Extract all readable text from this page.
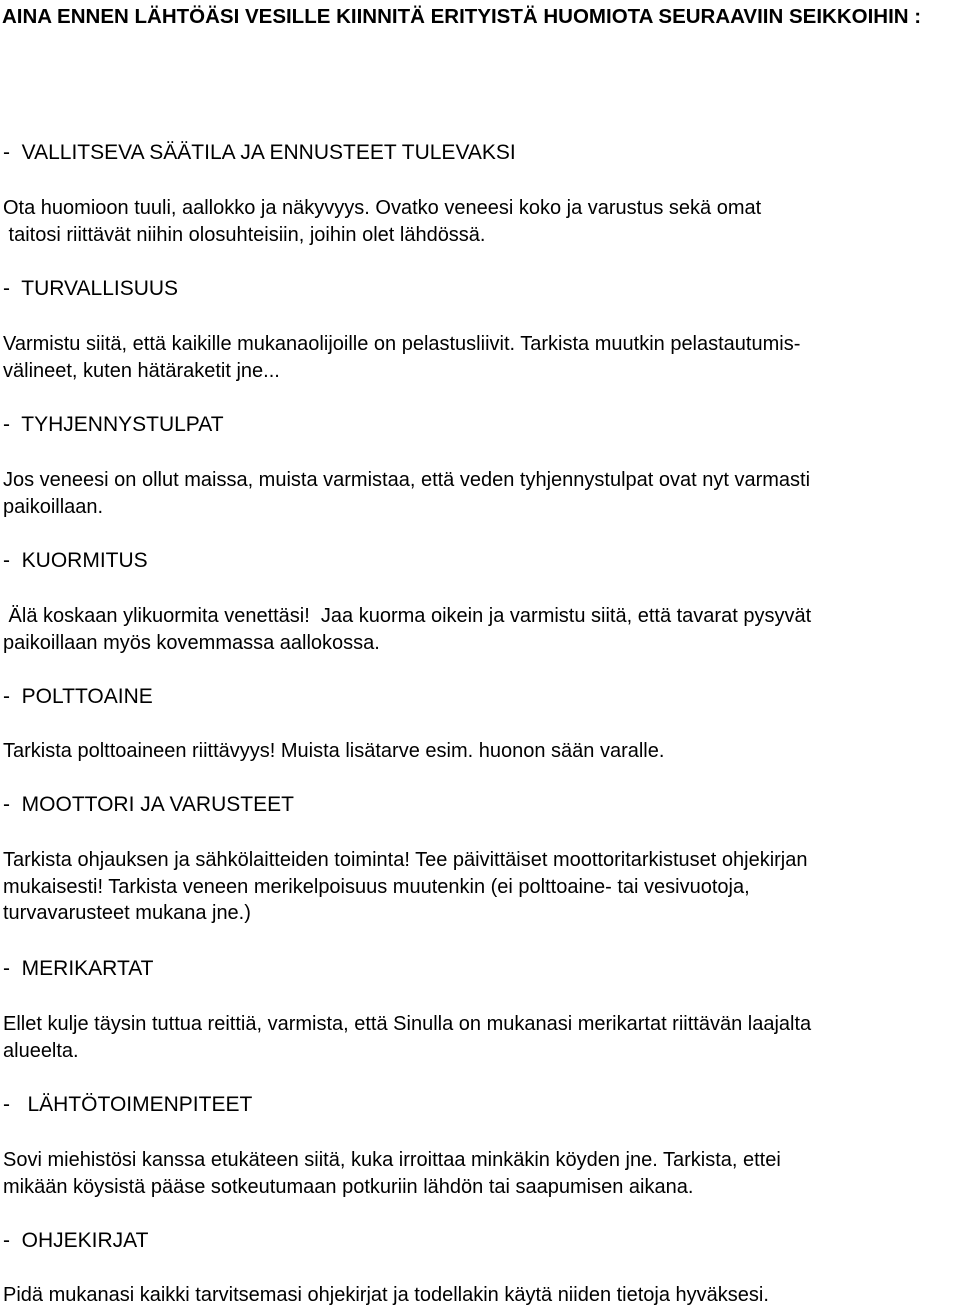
AINA ENNEN LÄHTÖÄSI VESILLE KIINNITÄ ERITYISTÄ HUOMIOTA SEURAAVIIN SEIKKOIHIN :
-  VALLITSEVA SÄÄTILA JA ENNUSTEET TULEVAKSI
Ota huomioon tuuli, aallokko ja näkyvyys. Ovatko veneesi koko ja varustus sekä omat
taitosi riittävät niihin olosuhteisiin, joihin olet lähdössä.
-  TURVALLISUUS
Varmistu siitä, että kaikille mukanaolijoille on pelastusliivit. Tarkista muutkin pelastautumis-
välineet, kuten hätäraketit jne...
-  TYHJENNYSTULPAT
Jos veneesi on ollut maissa, muista varmistaa, että veden tyhjennystulpat ovat nyt varmasti
paikoillaan.
-  KUORMITUS
Älä koskaan ylikuormita venettäsi!  Jaa kuorma oikein ja varmistu siitä, että tavarat pysyvät
paikoillaan myös kovemmassa aallokossa.
-  POLTTOAINE
Tarkista polttoaineen riittävyys! Muista lisätarve esim. huonon sään varalle.
-  MOOTTORI JA VARUSTEET
Tarkista ohjauksen ja sähkölaitteiden toiminta! Tee päivittäiset moottoritarkistuset ohjekirjan
mukaisesti! Tarkista veneen merikelpoisuus muutenkin (ei polttoaine- tai vesivuotoja,
turvavarusteet mukana jne.)
-  MERIKARTAT
Ellet kulje täysin tuttua reittiä, varmista, että Sinulla on mukanasi merikartat riittävän laajalta
alueelta.
-   LÄHTÖTOIMENPITEET
Sovi miehistösi kanssa etukäteen siitä, kuka irroittaa minkäkin köyden jne. Tarkista, ettei
mikään köysistä pääse sotkeutumaan potkuriin lähdön tai saapumisen aikana.
-  OHJEKIRJAT
Pidä mukanasi kaikki tarvitsemasi ohjekirjat ja todellakin käytä niiden tietoja hyväksesi.
